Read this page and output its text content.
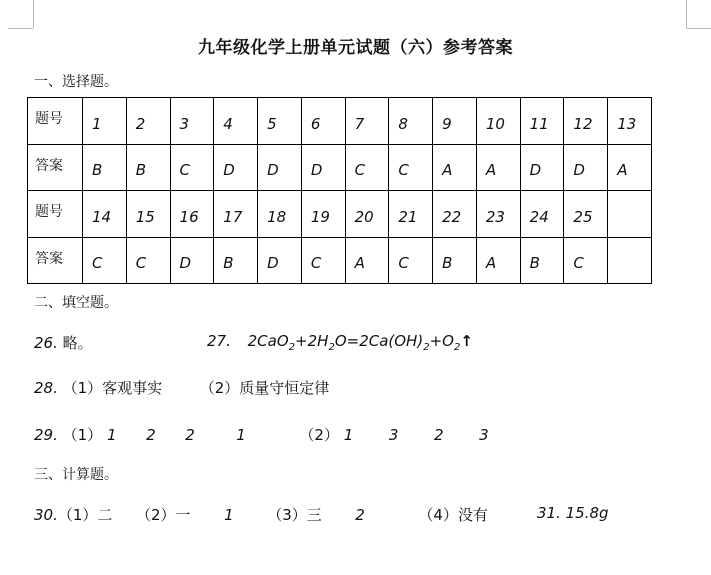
九年级化学上册单元试题（六）参考答案
一、选择题。
题号	1	2	3	4	5	6	7	8	9	10	11	12	13
答案	B	B	C	D	D	D	C	C	A	A	D	D	A
题号	14	15	16	17	18	19	20	21	22	23	24	25	
答案	C	C	D	B	D	C	A	C	B	A	B	C	
二、填空题。
26. 略。	27. $2CaO_2+2H_2O=2Ca(OH)_2+O_2↑$
28. （1）客观事实	（2）质量守恒定律
29. （1） 1 2 2	1	（2） 1 3 2 3
三、计算题。
30.（1）二 （2）一 1 （3）三 2	（4）没有	31. 15.8g
